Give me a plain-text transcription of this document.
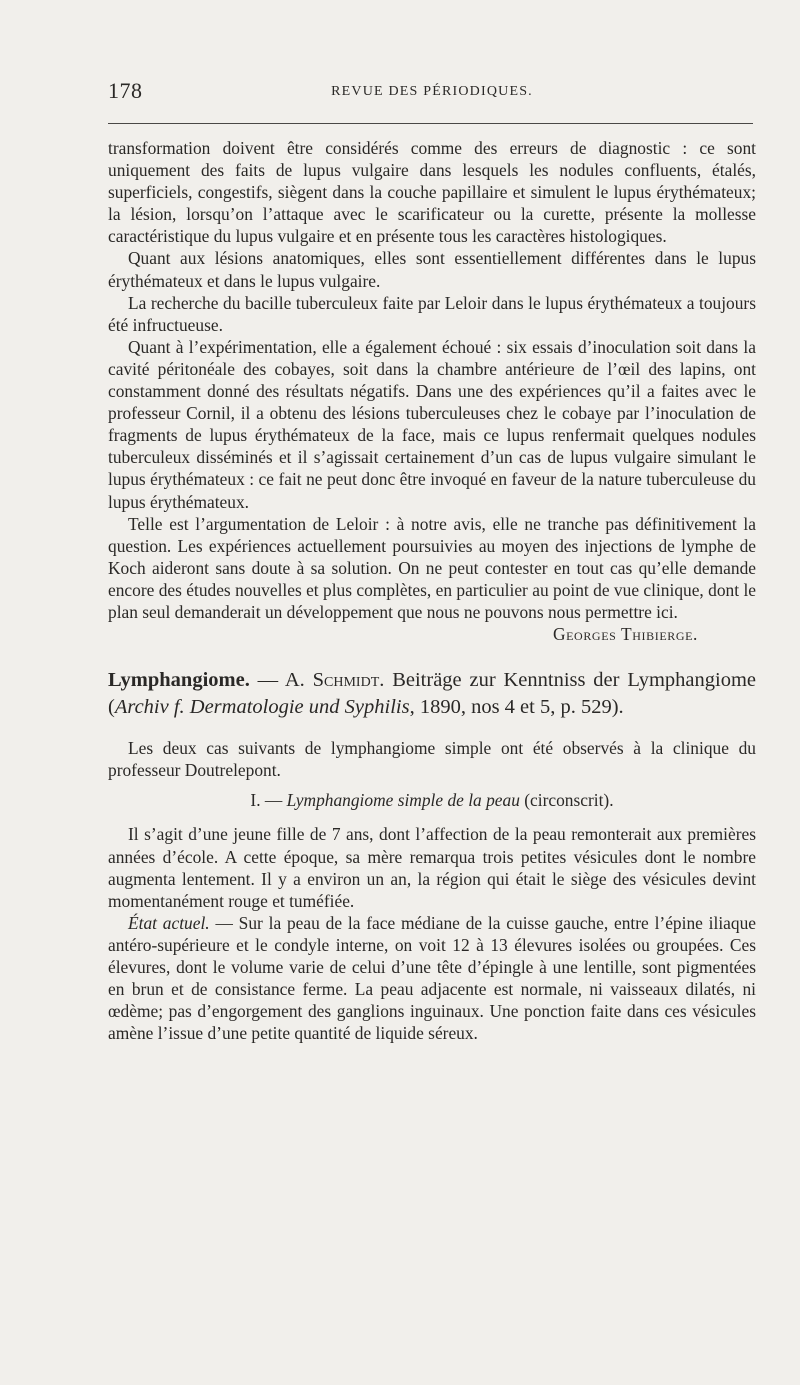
178	REVUE DES PÉRIODIQUES.

transformation doivent être considérés comme des erreurs de diagnostic : ce sont uniquement des faits de lupus vulgaire dans lesquels les nodules confluents, étalés, superficiels, congestifs, siègent dans la couche papillaire et simulent le lupus érythémateux; la lésion, lorsqu’on l’attaque avec le scarificateur ou la curette, présente la mollesse caractéristique du lupus vulgaire et en présente tous les caractères histologiques.

Quant aux lésions anatomiques, elles sont essentiellement différentes dans le lupus érythémateux et dans le lupus vulgaire.

La recherche du bacille tuberculeux faite par Leloir dans le lupus érythémateux a toujours été infructueuse.

Quant à l’expérimentation, elle a également échoué : six essais d’inoculation soit dans la cavité péritonéale des cobayes, soit dans la chambre antérieure de l’œil des lapins, ont constamment donné des résultats négatifs. Dans une des expériences qu’il a faites avec le professeur Cornil, il a obtenu des lésions tuberculeuses chez le cobaye par l’inoculation de fragments de lupus érythémateux de la face, mais ce lupus renfermait quelques nodules tuberculeux disséminés et il s’agissait certainement d’un cas de lupus vulgaire simulant le lupus érythémateux : ce fait ne peut donc être invoqué en faveur de la nature tuberculeuse du lupus érythémateux.

Telle est l’argumentation de Leloir : à notre avis, elle ne tranche pas définitivement la question. Les expériences actuellement poursuivies au moyen des injections de lymphe de Koch aideront sans doute à sa solution. On ne peut contester en tout cas qu’elle demande encore des études nouvelles et plus complètes, en particulier au point de vue clinique, dont le plan seul demanderait un développement que nous ne pouvons nous permettre ici.

Georges Thibierge.

Lymphangiome. — A. Schmidt. Beiträge zur Kenntniss der Lymphangiome (Archiv f. Dermatologie und Syphilis, 1890, nos 4 et 5, p. 529).

Les deux cas suivants de lymphangiome simple ont été observés à la clinique du professeur Doutrelepont.

I. — Lymphangiome simple de la peau (circonscrit).

Il s’agit d’une jeune fille de 7 ans, dont l’affection de la peau remonterait aux premières années d’école. A cette époque, sa mère remarqua trois petites vésicules dont le nombre augmenta lentement. Il y a environ un an, la région qui était le siège des vésicules devint momentanément rouge et tuméfiée.

État actuel. — Sur la peau de la face médiane de la cuisse gauche, entre l’épine iliaque antéro-supérieure et le condyle interne, on voit 12 à 13 élevures isolées ou groupées. Ces élevures, dont le volume varie de celui d’une tête d’épingle à une lentille, sont pigmentées en brun et de consistance ferme. La peau adjacente est normale, ni vaisseaux dilatés, ni œdème; pas d’engorgement des ganglions inguinaux. Une ponction faite dans ces vésicules amène l’issue d’une petite quantité de liquide séreux.
